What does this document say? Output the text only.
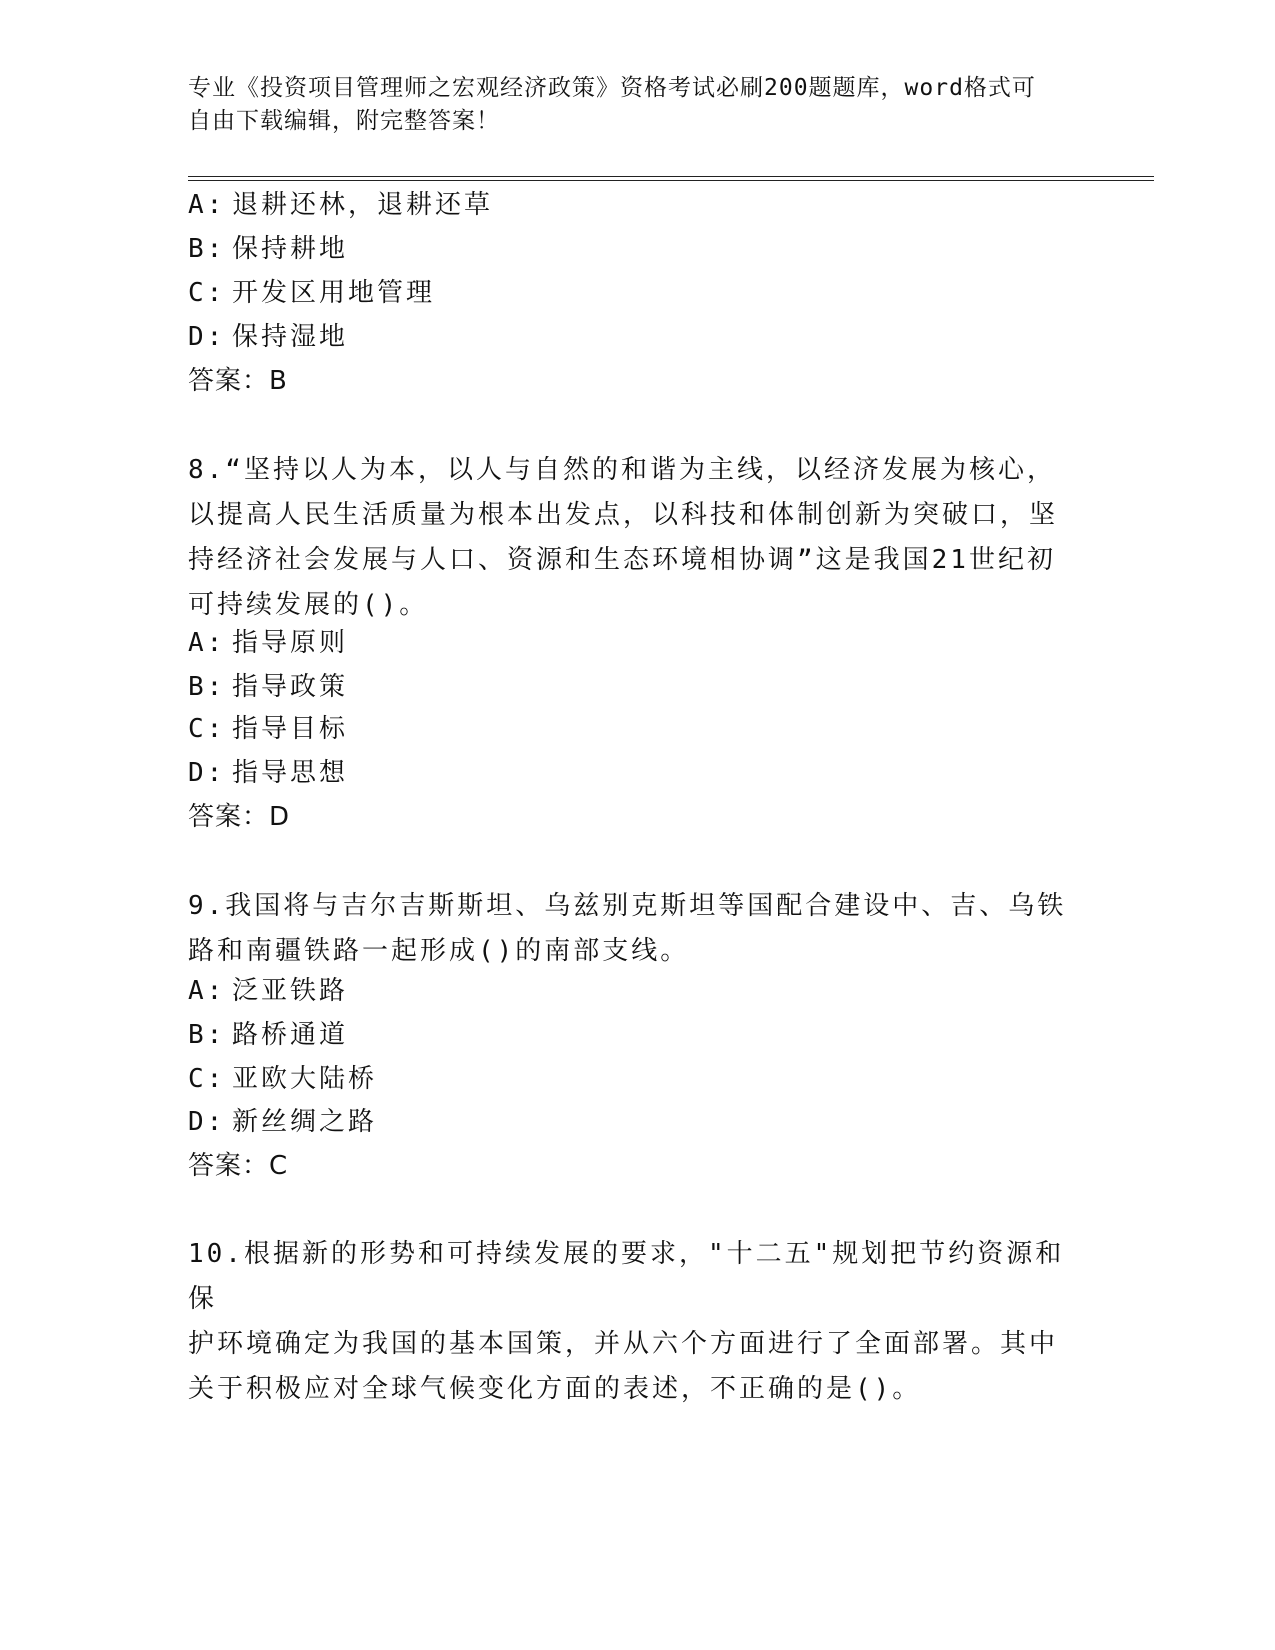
专业《投资项目管理师之宏观经济政策》资格考试必刷200题题库，word格式可
自由下载编辑，附完整答案！
A: 退耕还林，退耕还草
B: 保持耕地
C: 开发区用地管理
D: 保持湿地
答案：B
8.“坚持以人为本，以人与自然的和谐为主线，以经济发展为核心，
以提高人民生活质量为根本出发点，以科技和体制创新为突破口，坚
持经济社会发展与人口、资源和生态环境相协调”这是我国21世纪初
可持续发展的()。
A: 指导原则
B: 指导政策
C: 指导目标
D: 指导思想
答案：D
9.我国将与吉尔吉斯斯坦、乌兹别克斯坦等国配合建设中、吉、乌铁
路和南疆铁路一起形成()的南部支线。
A: 泛亚铁路
B: 路桥通道
C: 亚欧大陆桥
D: 新丝绸之路
答案：C
10.根据新的形势和可持续发展的要求，"十二五"规划把节约资源和保
护环境确定为我国的基本国策，并从六个方面进行了全面部署。其中
关于积极应对全球气候变化方面的表述，不正确的是()。
